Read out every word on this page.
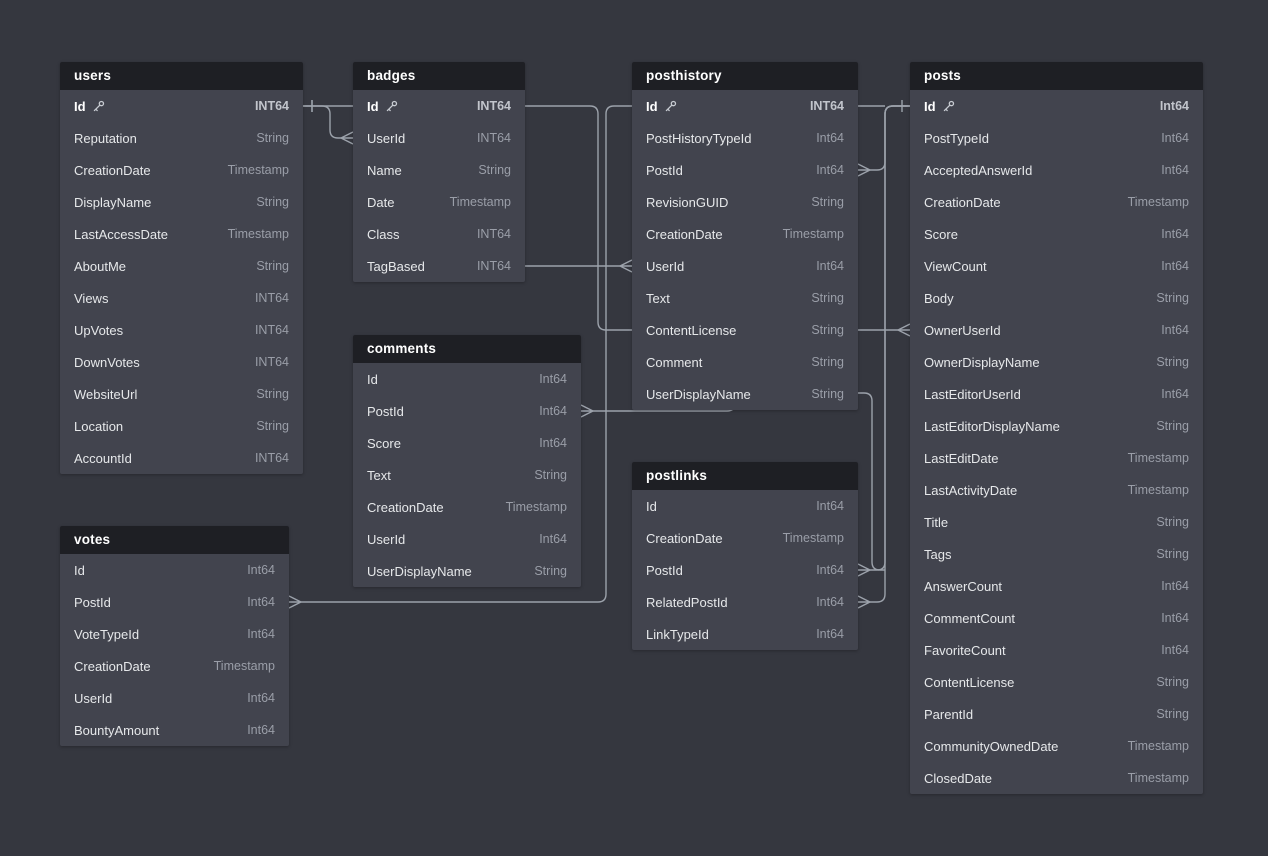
users
Id	INT64
Reputation	String
CreationDate	Timestamp
DisplayName	String
LastAccessDate	Timestamp
AboutMe	String
Views	INT64
UpVotes	INT64
DownVotes	INT64
WebsiteUrl	String
Location	String
AccountId	INT64
badges
Id	INT64
UserId	INT64
Name	String
Date	Timestamp
Class	INT64
TagBased	INT64
comments
Id	Int64
PostId	Int64
Score	Int64
Text	String
CreationDate	Timestamp
UserId	Int64
UserDisplayName	String
posthistory
Id	INT64
PostHistoryTypeId	Int64
PostId	Int64
RevisionGUID	String
CreationDate	Timestamp
UserId	Int64
Text	String
ContentLicense	String
Comment	String
UserDisplayName	String
postlinks
Id	Int64
CreationDate	Timestamp
PostId	Int64
RelatedPostId	Int64
LinkTypeId	Int64
votes
Id	Int64
PostId	Int64
VoteTypeId	Int64
CreationDate	Timestamp
UserId	Int64
BountyAmount	Int64
posts
Id	Int64
PostTypeId	Int64
AcceptedAnswerId	Int64
CreationDate	Timestamp
Score	Int64
ViewCount	Int64
Body	String
OwnerUserId	Int64
OwnerDisplayName	String
LastEditorUserId	Int64
LastEditorDisplayName	String
LastEditDate	Timestamp
LastActivityDate	Timestamp
Title	String
Tags	String
AnswerCount	Int64
CommentCount	Int64
FavoriteCount	Int64
ContentLicense	String
ParentId	String
CommunityOwnedDate	Timestamp
ClosedDate	Timestamp
